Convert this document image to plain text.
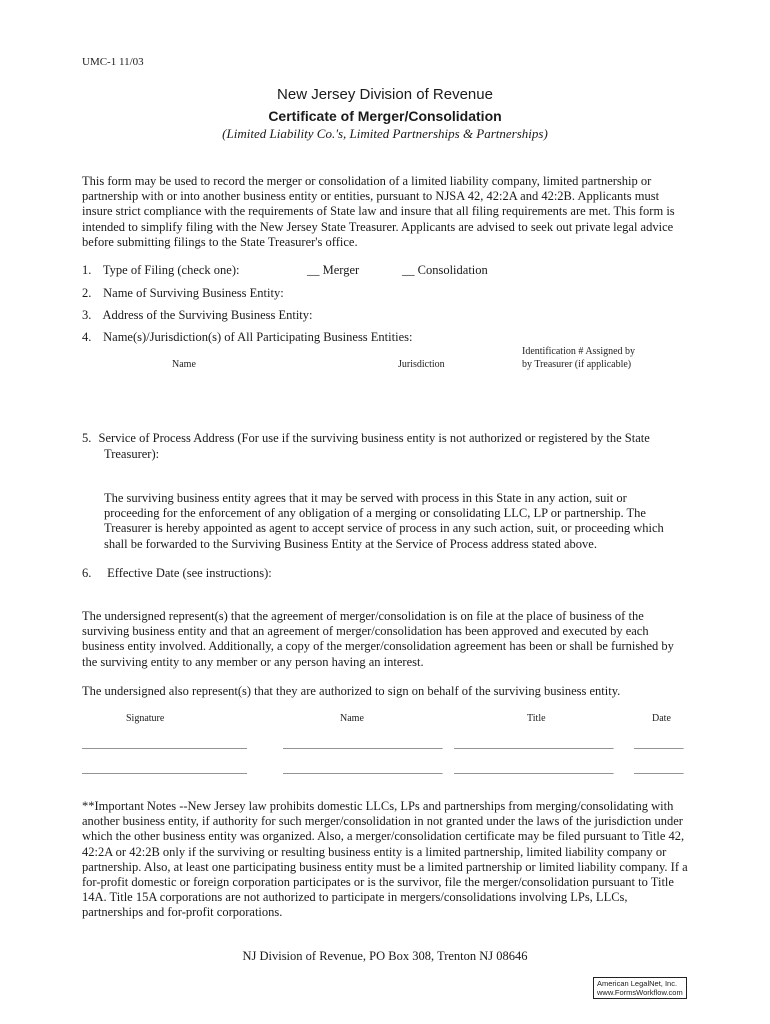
UMC-1 11/03
New Jersey Division of Revenue
Certificate of Merger/Consolidation
(Limited Liability Co.'s, Limited Partnerships & Partnerships)
This form may be used to record the merger or consolidation of a limited liability company, limited partnership or partnership with or into another business entity or entities, pursuant to NJSA 42, 42:2A and 42:2B. Applicants must insure strict compliance with the requirements of State law and insure that all filing requirements are met. This form is intended to simplify filing with the New Jersey State Treasurer. Applicants are advised to seek out private legal advice before submitting filings to the State Treasurer's office.
1. Type of Filing (check one):	__ Merger	__ Consolidation
2. Name of Surviving Business Entity:
3. Address of the Surviving Business Entity:
4. Name(s)/Jurisdiction(s) of All Participating Business Entities:
Name	Jurisdiction
Identification # Assigned by
by Treasurer (if applicable)
5. Service of Process Address (For use if the surviving business entity is not authorized or registered by the State
Treasurer):
The surviving business entity agrees that it may be served with process in this State in any action, suit or proceeding for the enforcement of any obligation of a merging or consolidating LLC, LP or partnership. The Treasurer is hereby appointed as agent to accept service of process in any such action, suit, or proceeding which shall be forwarded to the Surviving Business Entity at the Service of Process address stated above.
6. Effective Date (see instructions):
The undersigned represent(s) that the agreement of merger/consolidation is on file at the place of business of the surviving business entity and that an agreement of merger/consolidation has been approved and executed by each business entity involved. Additionally, a copy of the merger/consolidation agreement has been or shall be furnished by the surviving entity to any member or any person having an interest.
The undersigned also represent(s) that they are authorized to sign on behalf of the surviving business entity.
Signature	Name	Title	Date
______________________________	_____________________________ _____________________________	_________
______________________________	_____________________________ _____________________________	_________
**Important Notes --New Jersey law prohibits domestic LLCs, LPs and partnerships from merging/consolidating with another business entity, if authority for such merger/consolidation in not granted under the laws of the jurisdiction under which the other business entity was organized. Also, a merger/consolidation certificate may be filed pursuant to Title 42, 42:2A or 42:2B only if the surviving or resulting business entity is a limited partnership, limited liability company or partnership. Also, at least one participating business entity must be a limited partnership or limited liability company. If a for-profit domestic or foreign corporation participates or is the survivor, file the merger/consolidation pursuant to Title 14A. Title 15A corporations are not authorized to participate in mergers/consolidations involving LPs, LLCs, partnerships and for-profit corporations.
NJ Division of Revenue, PO Box 308, Trenton NJ 08646
American LegalNet, Inc.
www.FormsWorkflow.com
